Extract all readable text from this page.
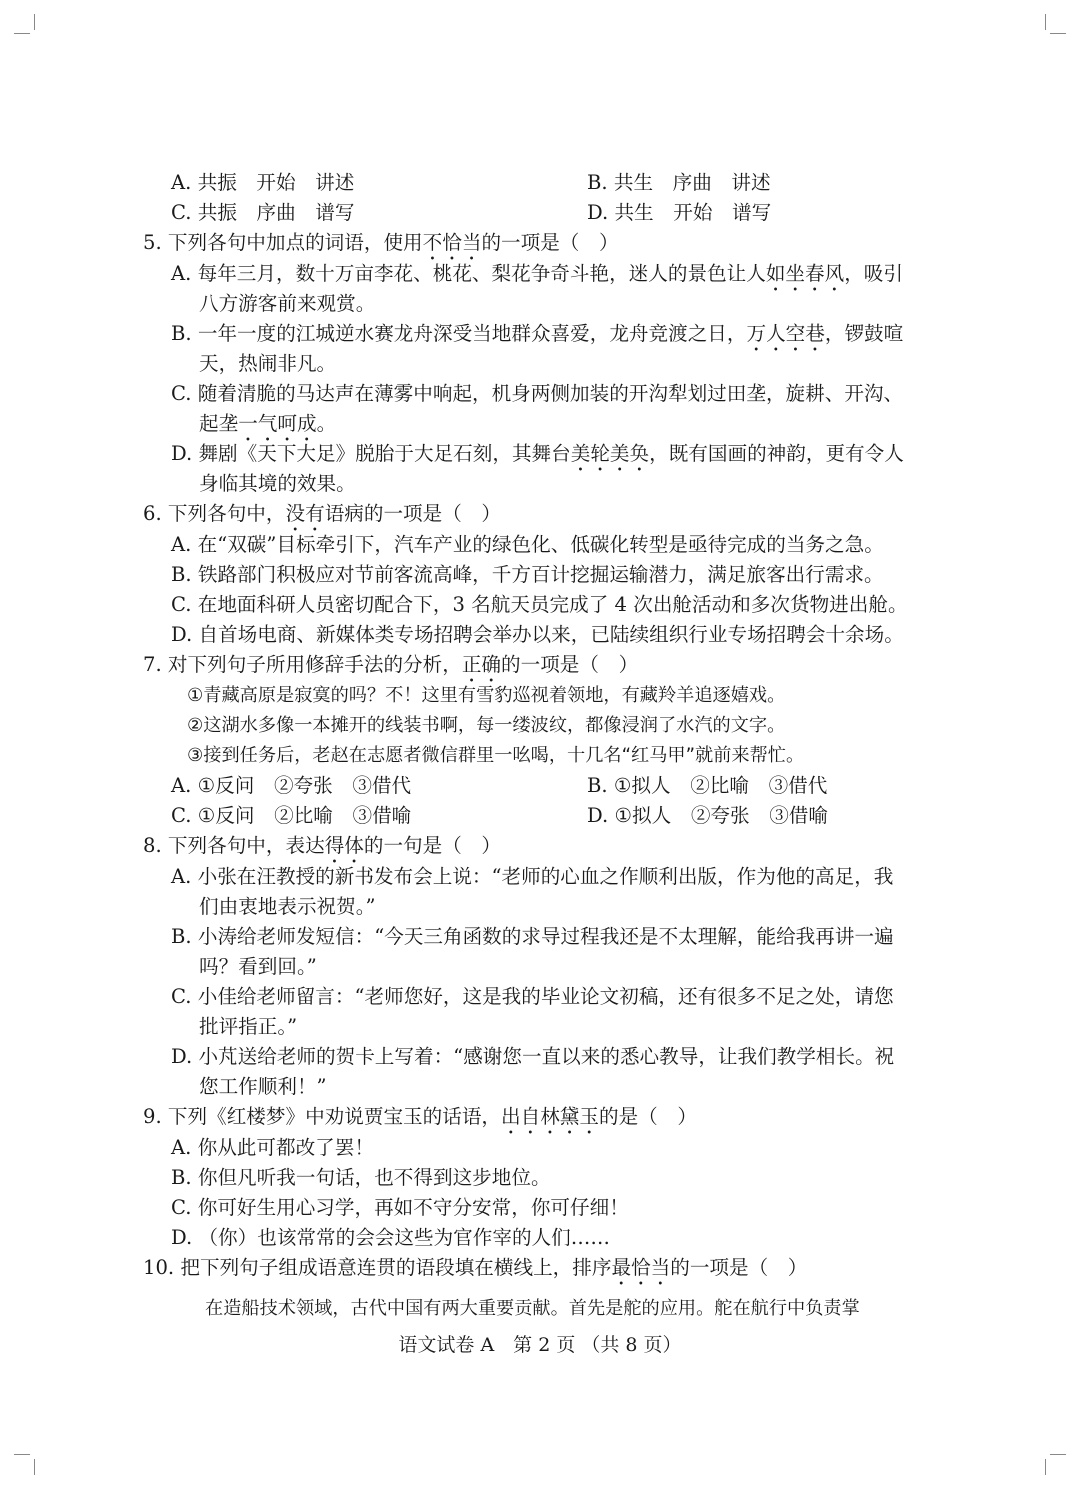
A. 共振　开始　讲述	B. 共生　序曲　讲述
C. 共振　序曲　谱写	D. 共生　开始　谱写
5. 下列各句中加点的词语，使用不恰当的一项是（　）
A. 每年三月，数十万亩李花、桃花、梨花争奇斗艳，迷人的景色让人如坐春风，吸引
八方游客前来观赏。
B. 一年一度的江城逆水赛龙舟深受当地群众喜爱，龙舟竞渡之日，万人空巷，锣鼓喧
天，热闹非凡。
C. 随着清脆的马达声在薄雾中响起，机身两侧加装的开沟犁划过田垄，旋耕、开沟、
起垄一气呵成。
D. 舞剧《天下大足》脱胎于大足石刻，其舞台美轮美奂，既有国画的神韵，更有令人
身临其境的效果。
6. 下列各句中，没有语病的一项是（　）
A. 在“双碳”目标牵引下，汽车产业的绿色化、低碳化转型是亟待完成的当务之急。
B. 铁路部门积极应对节前客流高峰，千方百计挖掘运输潜力，满足旅客出行需求。
C. 在地面科研人员密切配合下，3 名航天员完成了 4 次出舱活动和多次货物进出舱。
D. 自首场电商、新媒体类专场招聘会举办以来，已陆续组织行业专场招聘会十余场。
7. 对下列句子所用修辞手法的分析，正确的一项是（　）
①青藏高原是寂寞的吗？不！这里有雪豹巡视着领地，有藏羚羊追逐嬉戏。
②这湖水多像一本摊开的线装书啊，每一缕波纹，都像浸润了水汽的文字。
③接到任务后，老赵在志愿者微信群里一吆喝，十几名“红马甲”就前来帮忙。
A. ①反问　②夸张　③借代	B. ①拟人　②比喻　③借代
C. ①反问　②比喻　③借喻	D. ①拟人　②夸张　③借喻
8. 下列各句中，表达得体的一句是（　）
A. 小张在汪教授的新书发布会上说：“老师的心血之作顺利出版，作为他的高足，我
们由衷地表示祝贺。”
B. 小涛给老师发短信：“今天三角函数的求导过程我还是不太理解，能给我再讲一遍
吗？看到回。”
C. 小佳给老师留言：“老师您好，这是我的毕业论文初稿，还有很多不足之处，请您
批评指正。”
D. 小芃送给老师的贺卡上写着：“感谢您一直以来的悉心教导，让我们教学相长。祝
您工作顺利！”
9. 下列《红楼梦》中劝说贾宝玉的话语，出自林黛玉的是（　）
A. 你从此可都改了罢！
B. 你但凡听我一句话，也不得到这步地位。
C. 你可好生用心习学，再如不守分安常，你可仔细！
D. （你）也该常常的会会这些为官作宰的人们……
10. 把下列句子组成语意连贯的语段填在横线上，排序最恰当的一项是（　）
在造船技术领域，古代中国有两大重要贡献。首先是舵的应用。舵在航行中负责掌
语文试卷 A　第 2 页 （共 8 页）
